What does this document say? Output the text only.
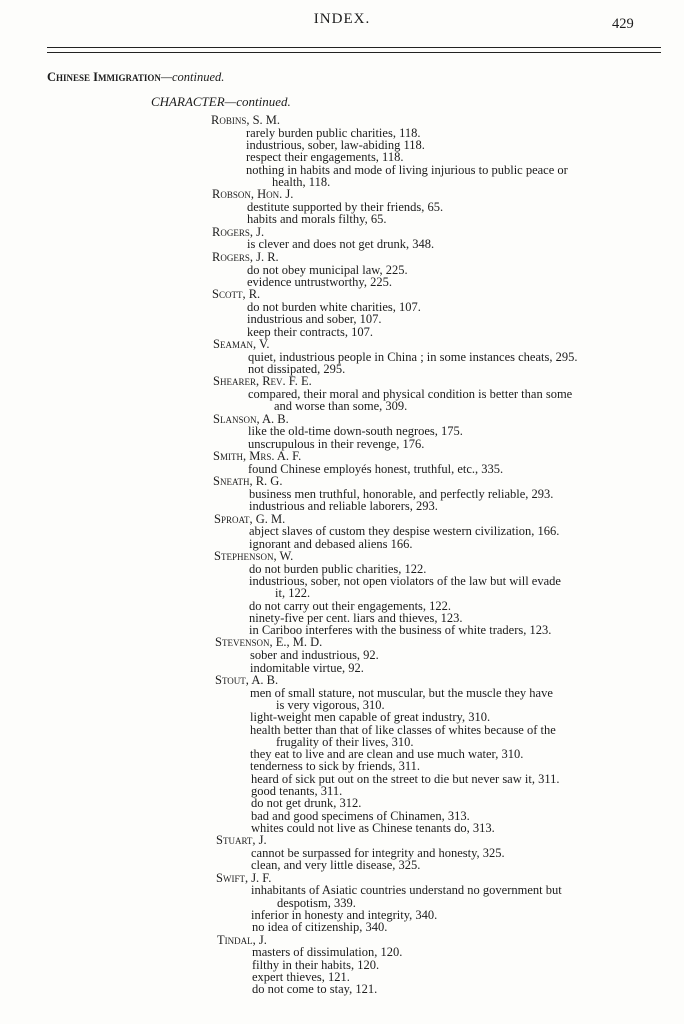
INDEX.	429
Chinese Immigration—continued.
CHARACTER—continued.
Robins, S. M.
rarely burden public charities, 118.
industrious, sober, law-abiding 118.
respect their engagements, 118.
nothing in habits and mode of living injurious to public peace or
health, 118.
Robson, Hon. J.
destitute supported by their friends, 65.
habits and morals filthy, 65.
Rogers, J.
is clever and does not get drunk, 348.
Rogers, J. R.
do not obey municipal law, 225.
evidence untrustworthy, 225.
Scott, R.
do not burden white charities, 107.
industrious and sober, 107.
keep their contracts, 107.
Seaman, V.
quiet, industrious people in China ; in some instances cheats, 295.
not dissipated, 295.
Shearer, Rev. F. E.
compared, their moral and physical condition is better than some
and worse than some, 309.
Slanson, A. B.
like the old-time down-south negroes, 175.
unscrupulous in their revenge, 176.
Smith, Mrs. A. F.
found Chinese employés honest, truthful, etc., 335.
Sneath, R. G.
business men truthful, honorable, and perfectly reliable, 293.
industrious and reliable laborers, 293.
Sproat, G. M.
abject slaves of custom they despise western civilization, 166.
ignorant and debased aliens 166.
Stephenson, W.
do not burden public charities, 122.
industrious, sober, not open violators of the law but will evade
it, 122.
do not carry out their engagements, 122.
ninety-five per cent. liars and thieves, 123.
in Cariboo interferes with the business of white traders, 123.
Stevenson, E., M. D.
sober and industrious, 92.
indomitable virtue, 92.
Stout, A. B.
men of small stature, not muscular, but the muscle they have
is very vigorous, 310.
light-weight men capable of great industry, 310.
health better than that of like classes of whites because of the
frugality of their lives, 310.
they eat to live and are clean and use much water, 310.
tenderness to sick by friends, 311.
heard of sick put out on the street to die but never saw it, 311.
good tenants, 311.
do not get drunk, 312.
bad and good specimens of Chinamen, 313.
whites could not live as Chinese tenants do, 313.
Stuart, J.
cannot be surpassed for integrity and honesty, 325.
clean, and very little disease, 325.
Swift, J. F.
inhabitants of Asiatic countries understand no government but
despotism, 339.
inferior in honesty and integrity, 340.
no idea of citizenship, 340.
Tindal, J.
masters of dissimulation, 120.
filthy in their habits, 120.
expert thieves, 121.
do not come to stay, 121.
